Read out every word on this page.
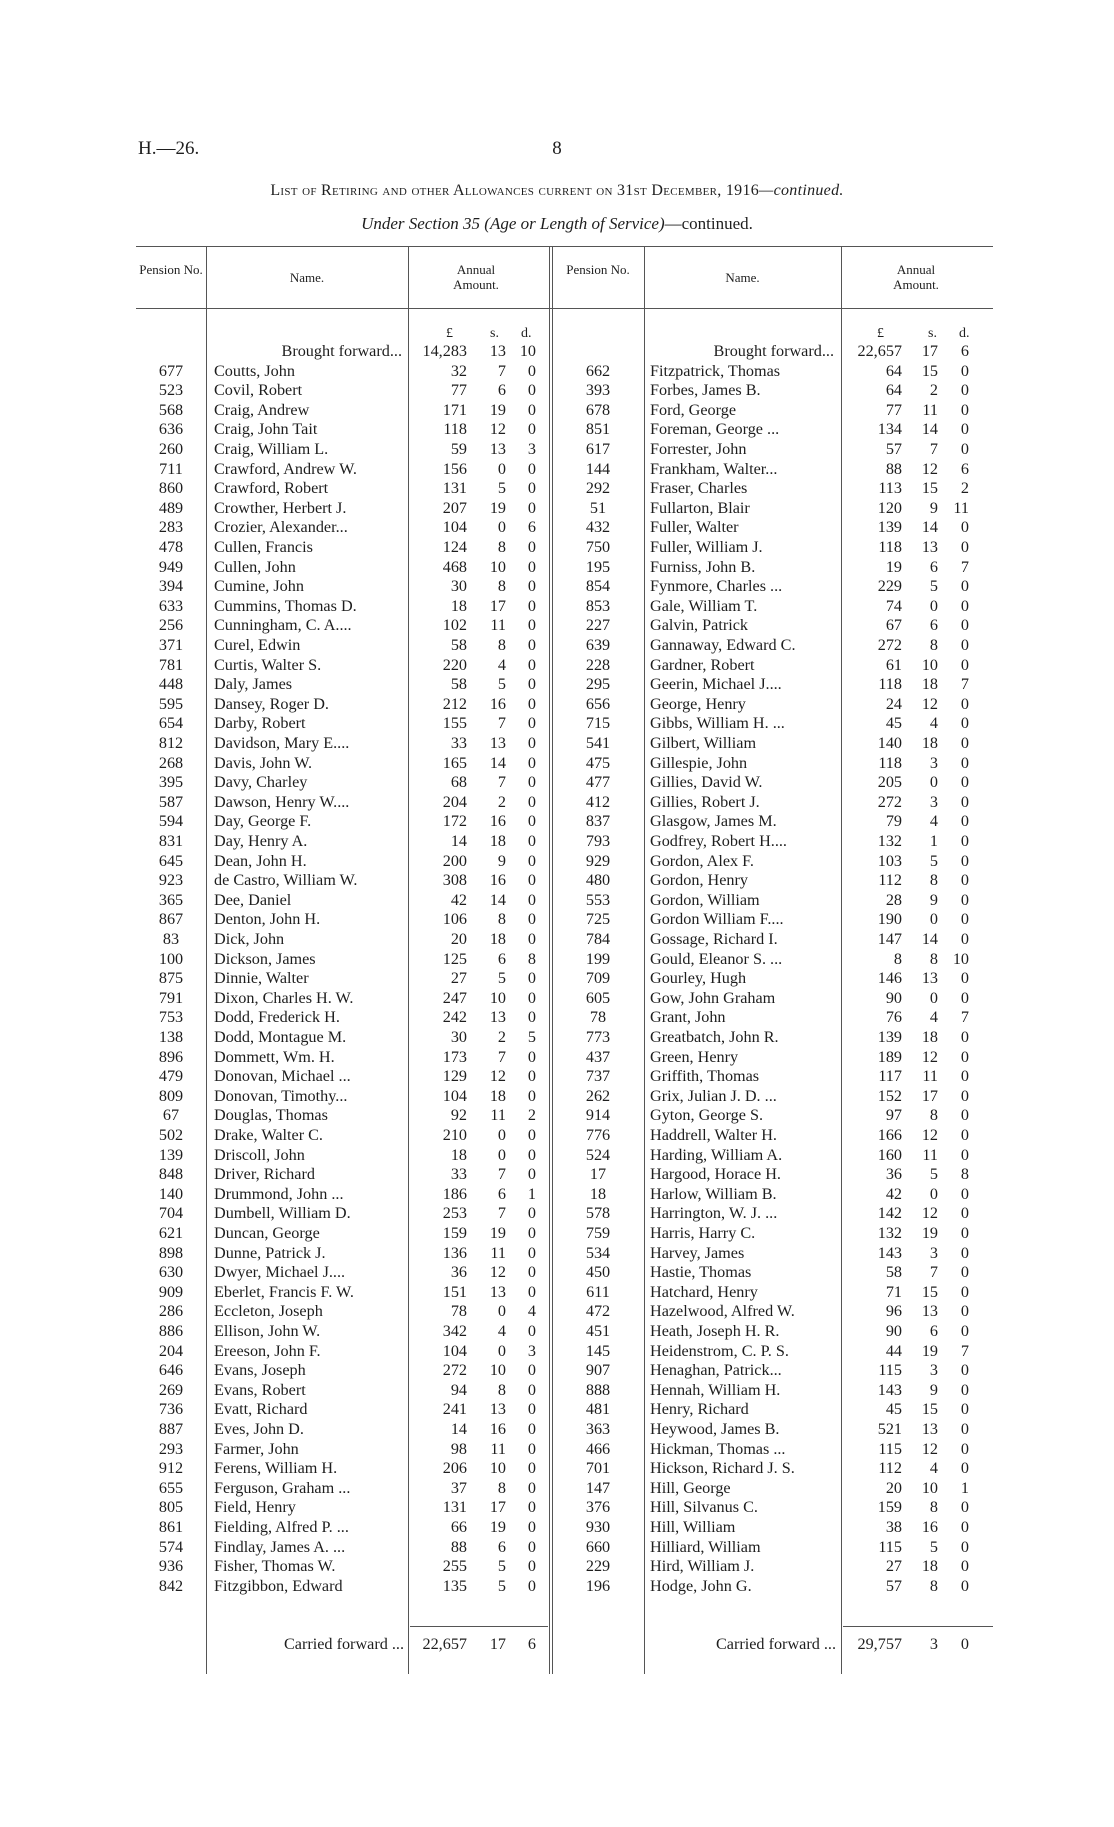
H.—26.	8
List of Retiring and other Allowances current on 31st December, 1916—continued.
Under Section 35 (Age or Length of Service)—continued.
Pension No.
Name.
Annual Amount.
Pension No.
Name.
Annual Amount.
£	s. d.	£	s. d.
Brought forward...	14,283	13 10
677	Coutts, John	32	7	0
523	Covil, Robert	77	6	0
568	Craig, Andrew	171	19	0
636	Craig, John Tait	118	12	0
260	Craig, William L.	59	13	3
711	Crawford, Andrew W.	156	0	0
860	Crawford, Robert	131	5	0
489	Crowther, Herbert J.	207	19	0
283	Crozier, Alexander...	104	0	6
478	Cullen, Francis	124	8	0
949	Cullen, John	468	10	0
394	Cumine, John	30	8	0
633	Cummins, Thomas D.	18	17	0
256	Cunningham, C. A....	102	11	0
371	Curel, Edwin	58	8	0
781	Curtis, Walter S.	220	4	0
448	Daly, James	58	5	0
595	Dansey, Roger D.	212	16	0
654	Darby, Robert	155	7	0
812	Davidson, Mary E....	33	13	0
268	Davis, John W.	165	14	0
395	Davy, Charley	68	7	0
587	Dawson, Henry W....	204	2	0
594	Day, George F.	172	16	0
831	Day, Henry A.	14	18	0
645	Dean, John H.	200	9	0
923	de Castro, William W.	308	16	0
365	Dee, Daniel	42	14	0
867	Denton, John H.	106	8	0
83	Dick, John	20	18	0
100	Dickson, James	125	6	8
875	Dinnie, Walter	27	5	0
791	Dixon, Charles H. W.	247	10	0
753	Dodd, Frederick H.	242	13	0
138	Dodd, Montague M.	30	2	5
896	Dommett, Wm. H.	173	7	0
479	Donovan, Michael ...	129	12	0
809	Donovan, Timothy...	104	18	0
67	Douglas, Thomas	92	11	2
502	Drake, Walter C.	210	0	0
139	Driscoll, John	18	0	0
848	Driver, Richard	33	7	0
140	Drummond, John ...	186	6	1
704	Dumbell, William D.	253	7	0
621	Duncan, George	159	19	0
898	Dunne, Patrick J.	136	11	0
630	Dwyer, Michael J....	36	12	0
909	Eberlet, Francis F. W.	151	13	0
286	Eccleton, Joseph	78	0	4
886	Ellison, John W.	342	4	0
204	Ereeson, John F.	104	0	3
646	Evans, Joseph	272	10	0
269	Evans, Robert	94	8	0
736	Evatt, Richard	241	13	0
887	Eves, John D.	14	16	0
293	Farmer, John	98	11	0
912	Ferens, William H.	206	10	0
655	Ferguson, Graham ...	37	8	0
805	Field, Henry	131	17	0
861	Fielding, Alfred P. ...	66	19	0
574	Findlay, James A. ...	88	6	0
936	Fisher, Thomas W.	255	5	0
842	Fitzgibbon, Edward	135	5	0
Carried forward ...	22,657	17	6
Brought forward...	22,657	17	6
662	Fitzpatrick, Thomas	64	15	0
393	Forbes, James B.	64	2	0
678	Ford, George	77	11	0
851	Foreman, George ...	134	14	0
617	Forrester, John	57	7	0
144	Frankham, Walter...	88	12	6
292	Fraser, Charles	113	15	2
51	Fullarton, Blair	120	9 11
432	Fuller, Walter	139	14	0
750	Fuller, William J.	118	13	0
195	Furniss, John B.	19	6	7
854	Fynmore, Charles ...	229	5	0
853	Gale, William T.	74	0	0
227	Galvin, Patrick	67	6	0
639	Gannaway, Edward C.	272	8	0
228	Gardner, Robert	61	10	0
295	Geerin, Michael J....	118	18	7
656	George, Henry	24	12	0
715	Gibbs, William H. ...	45	4	0
541	Gilbert, William	140	18	0
475	Gillespie, John	118	3	0
477	Gillies, David W.	205	0	0
412	Gillies, Robert J.	272	3	0
837	Glasgow, James M.	79	4	0
793	Godfrey, Robert H....	132	1	0
929	Gordon, Alex F.	103	5	0
480	Gordon, Henry	112	8	0
553	Gordon, William	28	9	0
725	Gordon William F....	190	0	0
784	Gossage, Richard I.	147	14	0
199	Gould, Eleanor S. ...	8	8 10
709	Gourley, Hugh	146	13	0
605	Gow, John Graham	90	0	0
78	Grant, John	76	4	7
773	Greatbatch, John R.	139	18	0
437	Green, Henry	189	12	0
737	Griffith, Thomas	117	11	0
262	Grix, Julian J. D. ...	152	17	0
914	Gyton, George S.	97	8	0
776	Haddrell, Walter H.	166	12	0
524	Harding, William A.	160	11	0
17	Hargood, Horace H.	36	5	8
18	Harlow, William B.	42	0	0
578	Harrington, W. J. ...	142	12	0
759	Harris, Harry C.	132	19	0
534	Harvey, James	143	3	0
450	Hastie, Thomas	58	7	0
611	Hatchard, Henry	71	15	0
472	Hazelwood, Alfred W.	96	13	0
451	Heath, Joseph H. R.	90	6	0
145	Heidenstrom, C. P. S.	44	19	7
907	Henaghan, Patrick...	115	3	0
888	Hennah, William H.	143	9	0
481	Henry, Richard	45	15	0
363	Heywood, James B.	521	13	0
466	Hickman, Thomas ...	115	12	0
701	Hickson, Richard J. S.	112	4	0
147	Hill, George	20	10	1
376	Hill, Silvanus C.	159	8	0
930	Hill, William	38	16	0
660	Hilliard, William	115	5	0
229	Hird, William J.	27	18	0
196	Hodge, John G.	57	8	0
Carried forward ...	29,757	3	0
